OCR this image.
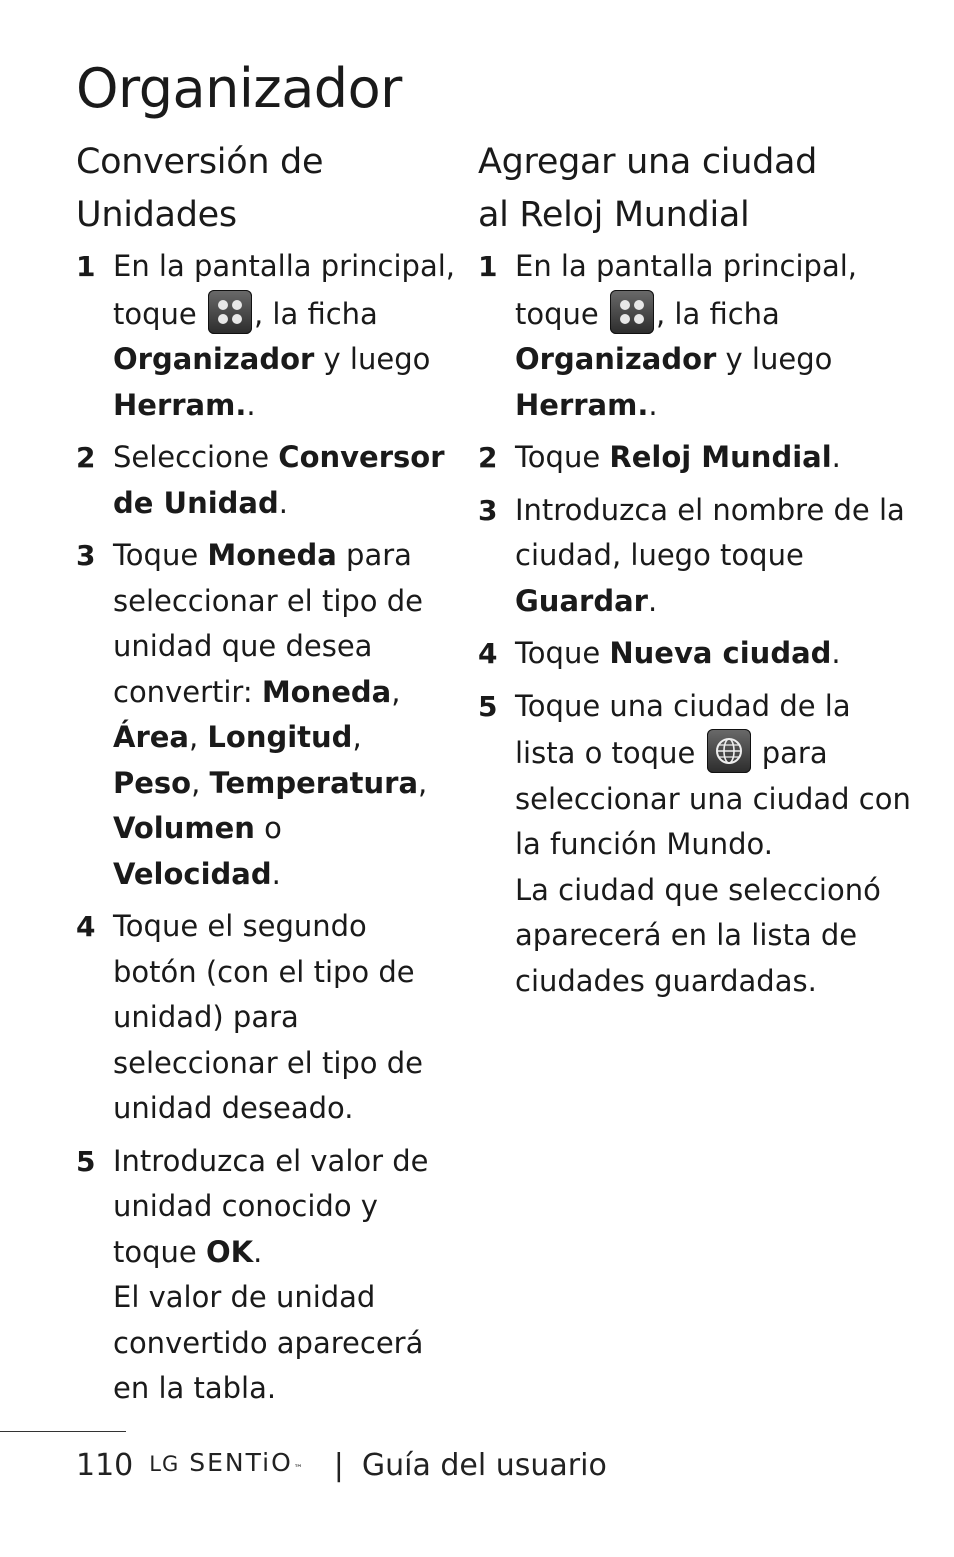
Organizador
Conversión de
Unidades
1 En la pantalla principal, toque
, la ficha Organizador y luego Herram..
2 Seleccione Conversor de Unidad.
3 Toque Moneda para seleccionar el tipo de unidad que desea convertir: Moneda, Área, Longitud, Peso, Temperatura, Volumen o Velocidad.
4 Toque el segundo botón (con el tipo de unidad) para seleccionar el tipo de unidad deseado.
5 Introduzca el valor de unidad conocido y toque OK.
El valor de unidad convertido aparecerá en la tabla.
Agregar una ciudad
al Reloj Mundial
1 En la pantalla principal, toque
, la ficha Organizador y luego Herram..
2 Toque Reloj Mundial.
3 Introduzca el nombre de la ciudad, luego toque Guardar.
4 Toque Nueva ciudad.
5 Toque una ciudad de la lista o toque
para seleccionar una ciudad con la función Mundo.
La ciudad que seleccionó aparecerá en la lista de ciudades guardadas.
110 LG SENTiO ™ | Guía del usuario
